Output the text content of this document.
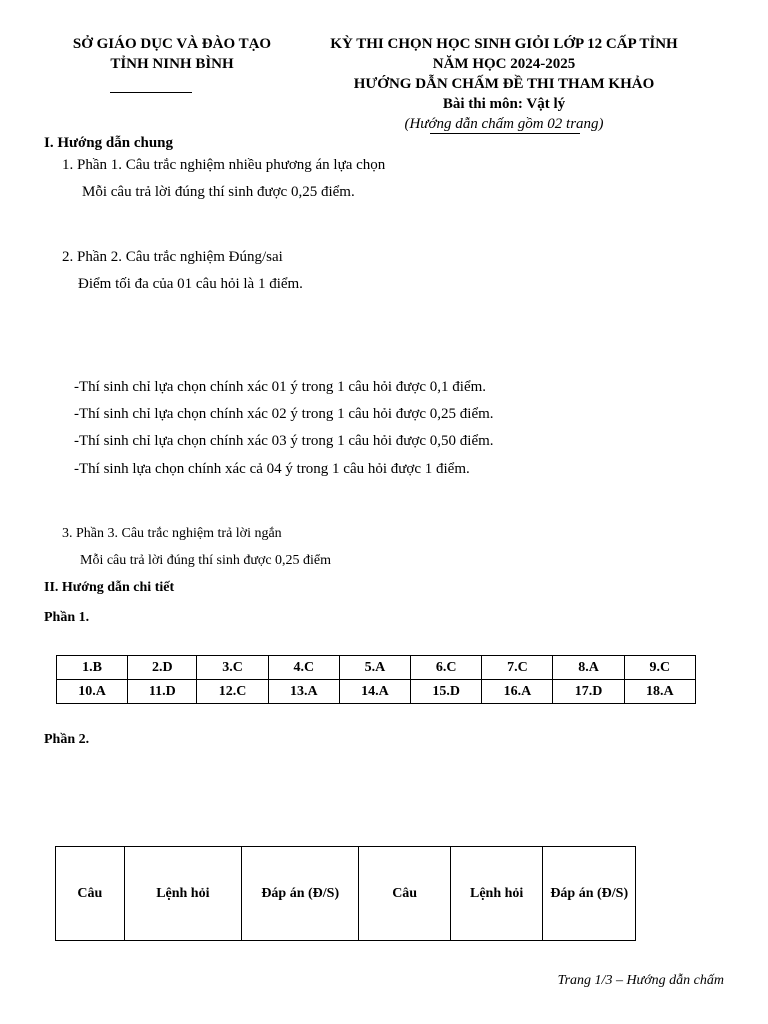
SỞ GIÁO DỤC VÀ ĐÀO TẠO
TỈNH NINH BÌNH
KỲ THI CHỌN HỌC SINH GIỎI LỚP 12 CẤP TỈNH
NĂM HỌC 2024-2025
HƯỚNG DẪN CHẤM ĐỀ THI THAM KHẢO
Bài thi môn: Vật lý
(Hướng dẫn chấm gồm 02 trang)
I. Hướng dẫn chung
1. Phần 1. Câu trắc nghiệm nhiều phương án lựa chọn
Mỗi câu trả lời đúng thí sinh được 0,25 điểm.
2. Phần 2. Câu trắc nghiệm Đúng/sai
Điểm tối đa của 01 câu hỏi là 1 điểm.
-Thí sinh chỉ lựa chọn chính xác 01 ý trong 1 câu hỏi được 0,1 điểm.
-Thí sinh chỉ lựa chọn chính xác 02 ý trong 1 câu hỏi được 0,25 điểm.
-Thí sinh chỉ lựa chọn chính xác 03 ý trong 1 câu hỏi được 0,50 điểm.
-Thí sinh lựa chọn chính xác cả 04 ý trong 1 câu hỏi được 1 điểm.
3. Phần 3. Câu trắc nghiệm trả lời ngắn
Mỗi câu trả lời đúng thí sinh được 0,25 điểm
II. Hướng dẫn chi tiết
Phần 1.
1.B	2.D	3.C	4.C	5.A	6.C	7.C	8.A	9.C
10.A	11.D	12.C	13.A	14.A	15.D	16.A	17.D	18.A
Phần 2.
Câu	Lệnh hỏi	Đáp án (Đ/S)	Câu	Lệnh hỏi	Đáp án (Đ/S)
Trang 1/3 – Hướng dẫn chấm
